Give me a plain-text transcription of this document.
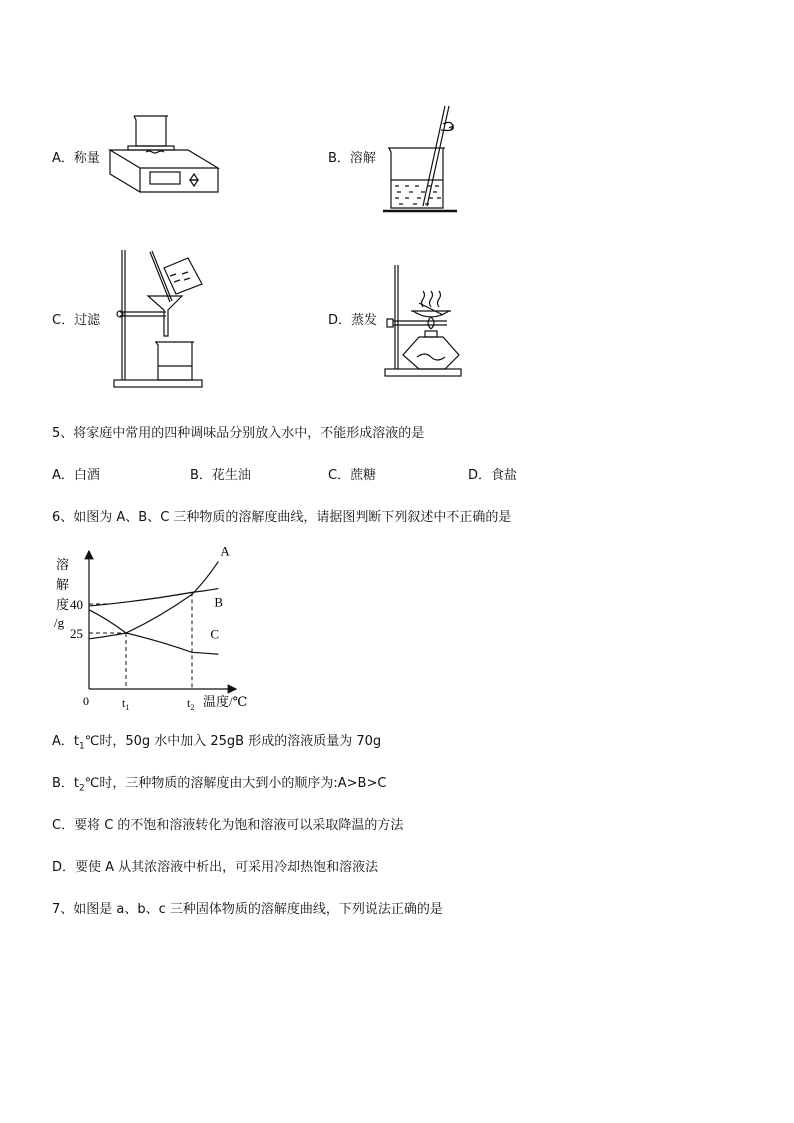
A．称量	B．溶解
C．过滤	D．蒸发
5、将家庭中常用的四种调味品分别放入水中，不能形成溶液的是
A．白酒	B．花生油	C．蔗糖	D．食盐
6、如图为 A、B、C 三种物质的溶解度曲线，请据图判断下列叙述中不正确的是
溶
解
度
/g
40
25
0	$t_1$	$t_2$ 温度/℃
A
B
C
A．$t_1℃$时，50g 水中加入 25gB 形成的溶液质量为 70g
B．$t_2℃$时，三种物质的溶解度由大到小的顺序为:A>B>C
C．要将 C 的不饱和溶液转化为饱和溶液可以采取降温的方法
D．要使 A 从其浓溶液中析出，可采用冷却热饱和溶液法
7、如图是 a、b、c 三种固体物质的溶解度曲线，下列说法正确的是
